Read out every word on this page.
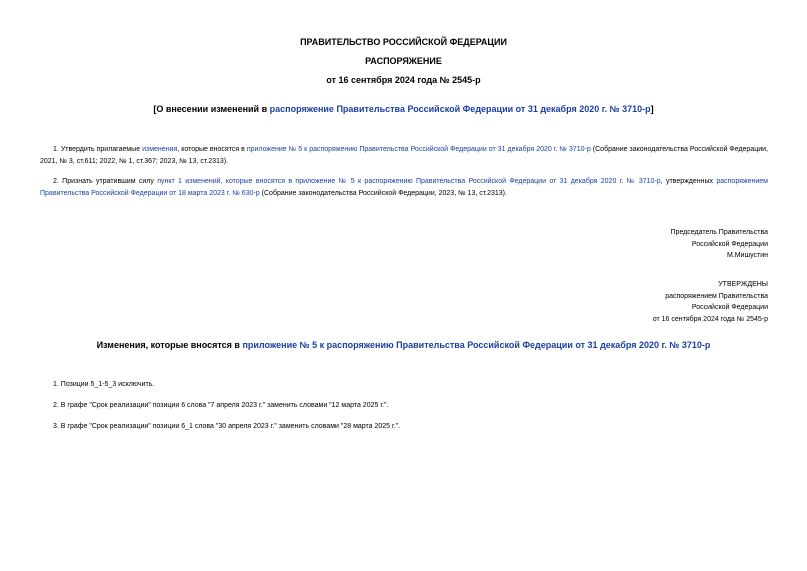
ПРАВИТЕЛЬСТВО РОССИЙСКОЙ ФЕДЕРАЦИИ
РАСПОРЯЖЕНИЕ
от 16 сентября 2024 года № 2545-р
[О внесении изменений в распоряжение Правительства Российской Федерации от 31 декабря 2020 г. № 3710-р]
1. Утвердить прилагаемые изменения, которые вносятся в приложение № 5 к распоряжению Правительства Российской Федерации от 31 декабря 2020 г. № 3710-р (Собрание законодательства Российской Федерации, 2021, № 3, ст.611; 2022, № 1, ст.367; 2023, № 13, ст.2313).
2. Признать утратившим силу пункт 1 изменений, которые вносятся в приложение № 5 к распоряжению Правительства Российской Федерации от 31 декабря 2020 г. № 3710-р, утвержденных распоряжением Правительства Российской Федерации от 18 марта 2023 г. № 630-р (Собрание законодательства Российской Федерации, 2023, № 13, ст.2313).
Председатель Правительства
Российской Федерации
М.Мишустин
УТВЕРЖДЕНЫ
распоряжением Правительства
Российской Федерации
от 16 сентября 2024 года № 2545-р
Изменения, которые вносятся в приложение № 5 к распоряжению Правительства Российской Федерации от 31 декабря 2020 г. № 3710-р
1. Позиции 5_1-5_3 исключить.
2. В графе "Срок реализации" позиции 6 слова "7 апреля 2023 г." заменить словами "12 марта 2025 г.".
3. В графе "Срок реализации" позиции 6_1 слова "30 апреля 2023 г." заменить словами "28 марта 2025 г.".
